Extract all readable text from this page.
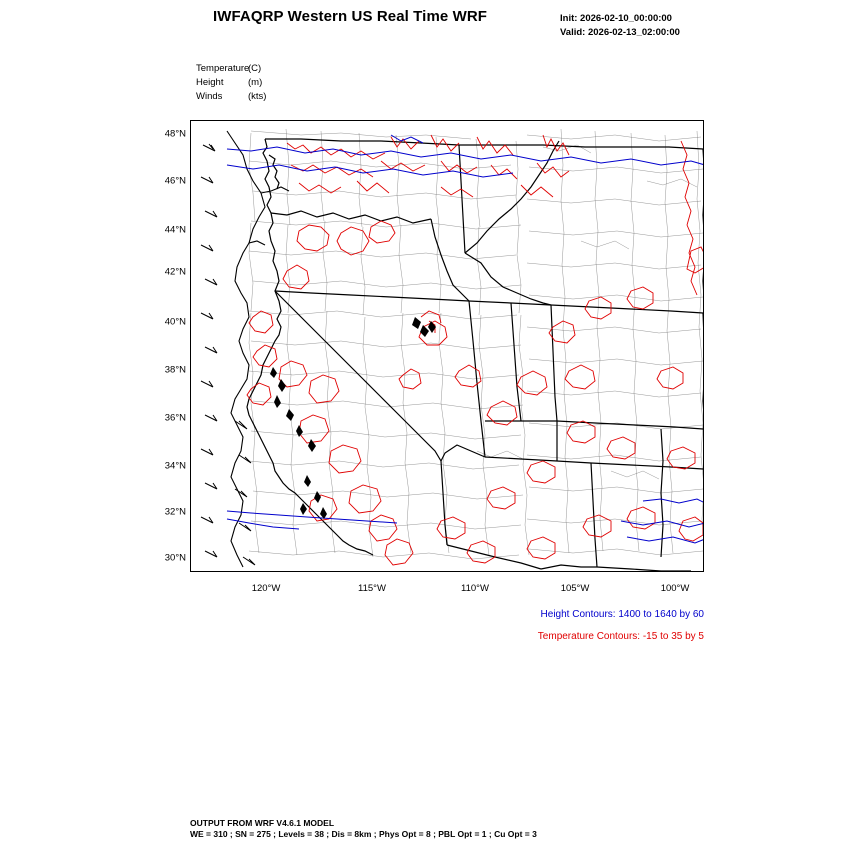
IWFAQRP Western US Real Time WRF	Init: 2026-02-10_00:00:00
Valid: 2026-02-13_02:00:00
Temperature(C)
Height	(m)
Winds	(kts)
48°N
46°N
44°N
42°N
40°N
38°N
36°N
34°N
32°N
30°N
120°W	115°W	110°W	105°W	100°W
Height Contours: 1400 to 1640 by 60
Temperature Contours: -15 to 35 by 5
OUTPUT FROM WRF V4.6.1 MODEL
WE = 310 ; SN = 275 ; Levels = 38 ; Dis = 8km ; Phys Opt = 8 ; PBL Opt = 1 ; Cu Opt = 3
